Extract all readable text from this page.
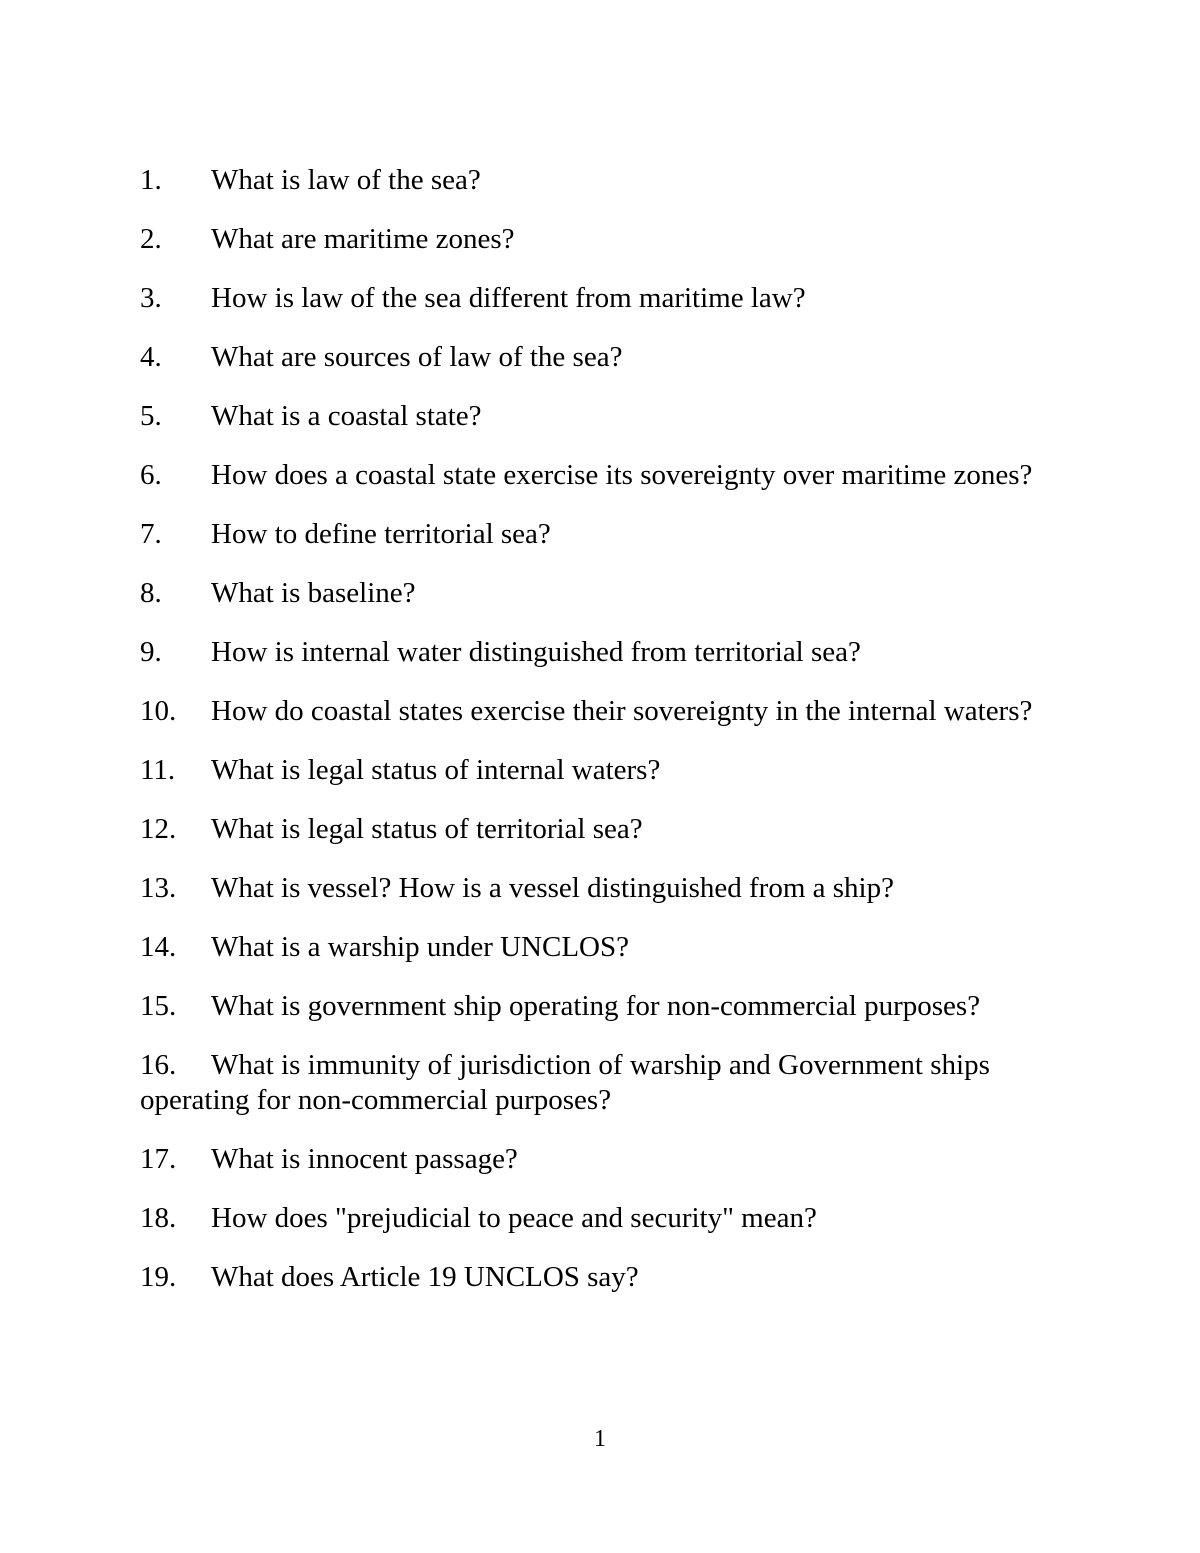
1. What is law of the sea?
2. What are maritime zones?
3. How is law of the sea different from maritime law?
4. What are sources of law of the sea?
5. What is a coastal state?
6. How does a coastal state exercise its sovereignty over maritime zones?
7. How to define territorial sea?
8. What is baseline?
9. How is internal water distinguished from territorial sea?
10. How do coastal states exercise their sovereignty in the internal waters?
11. What is legal status of internal waters?
12. What is legal status of territorial sea?
13. What is vessel? How is a vessel distinguished from a ship?
14. What is a warship under UNCLOS?
15. What is government ship operating for non-commercial purposes?
16. What is immunity of jurisdiction of warship and Government ships operating for non-commercial purposes?
17. What is innocent passage?
18. How does "prejudicial to peace and security" mean?
19. What does Article 19 UNCLOS say?
1
